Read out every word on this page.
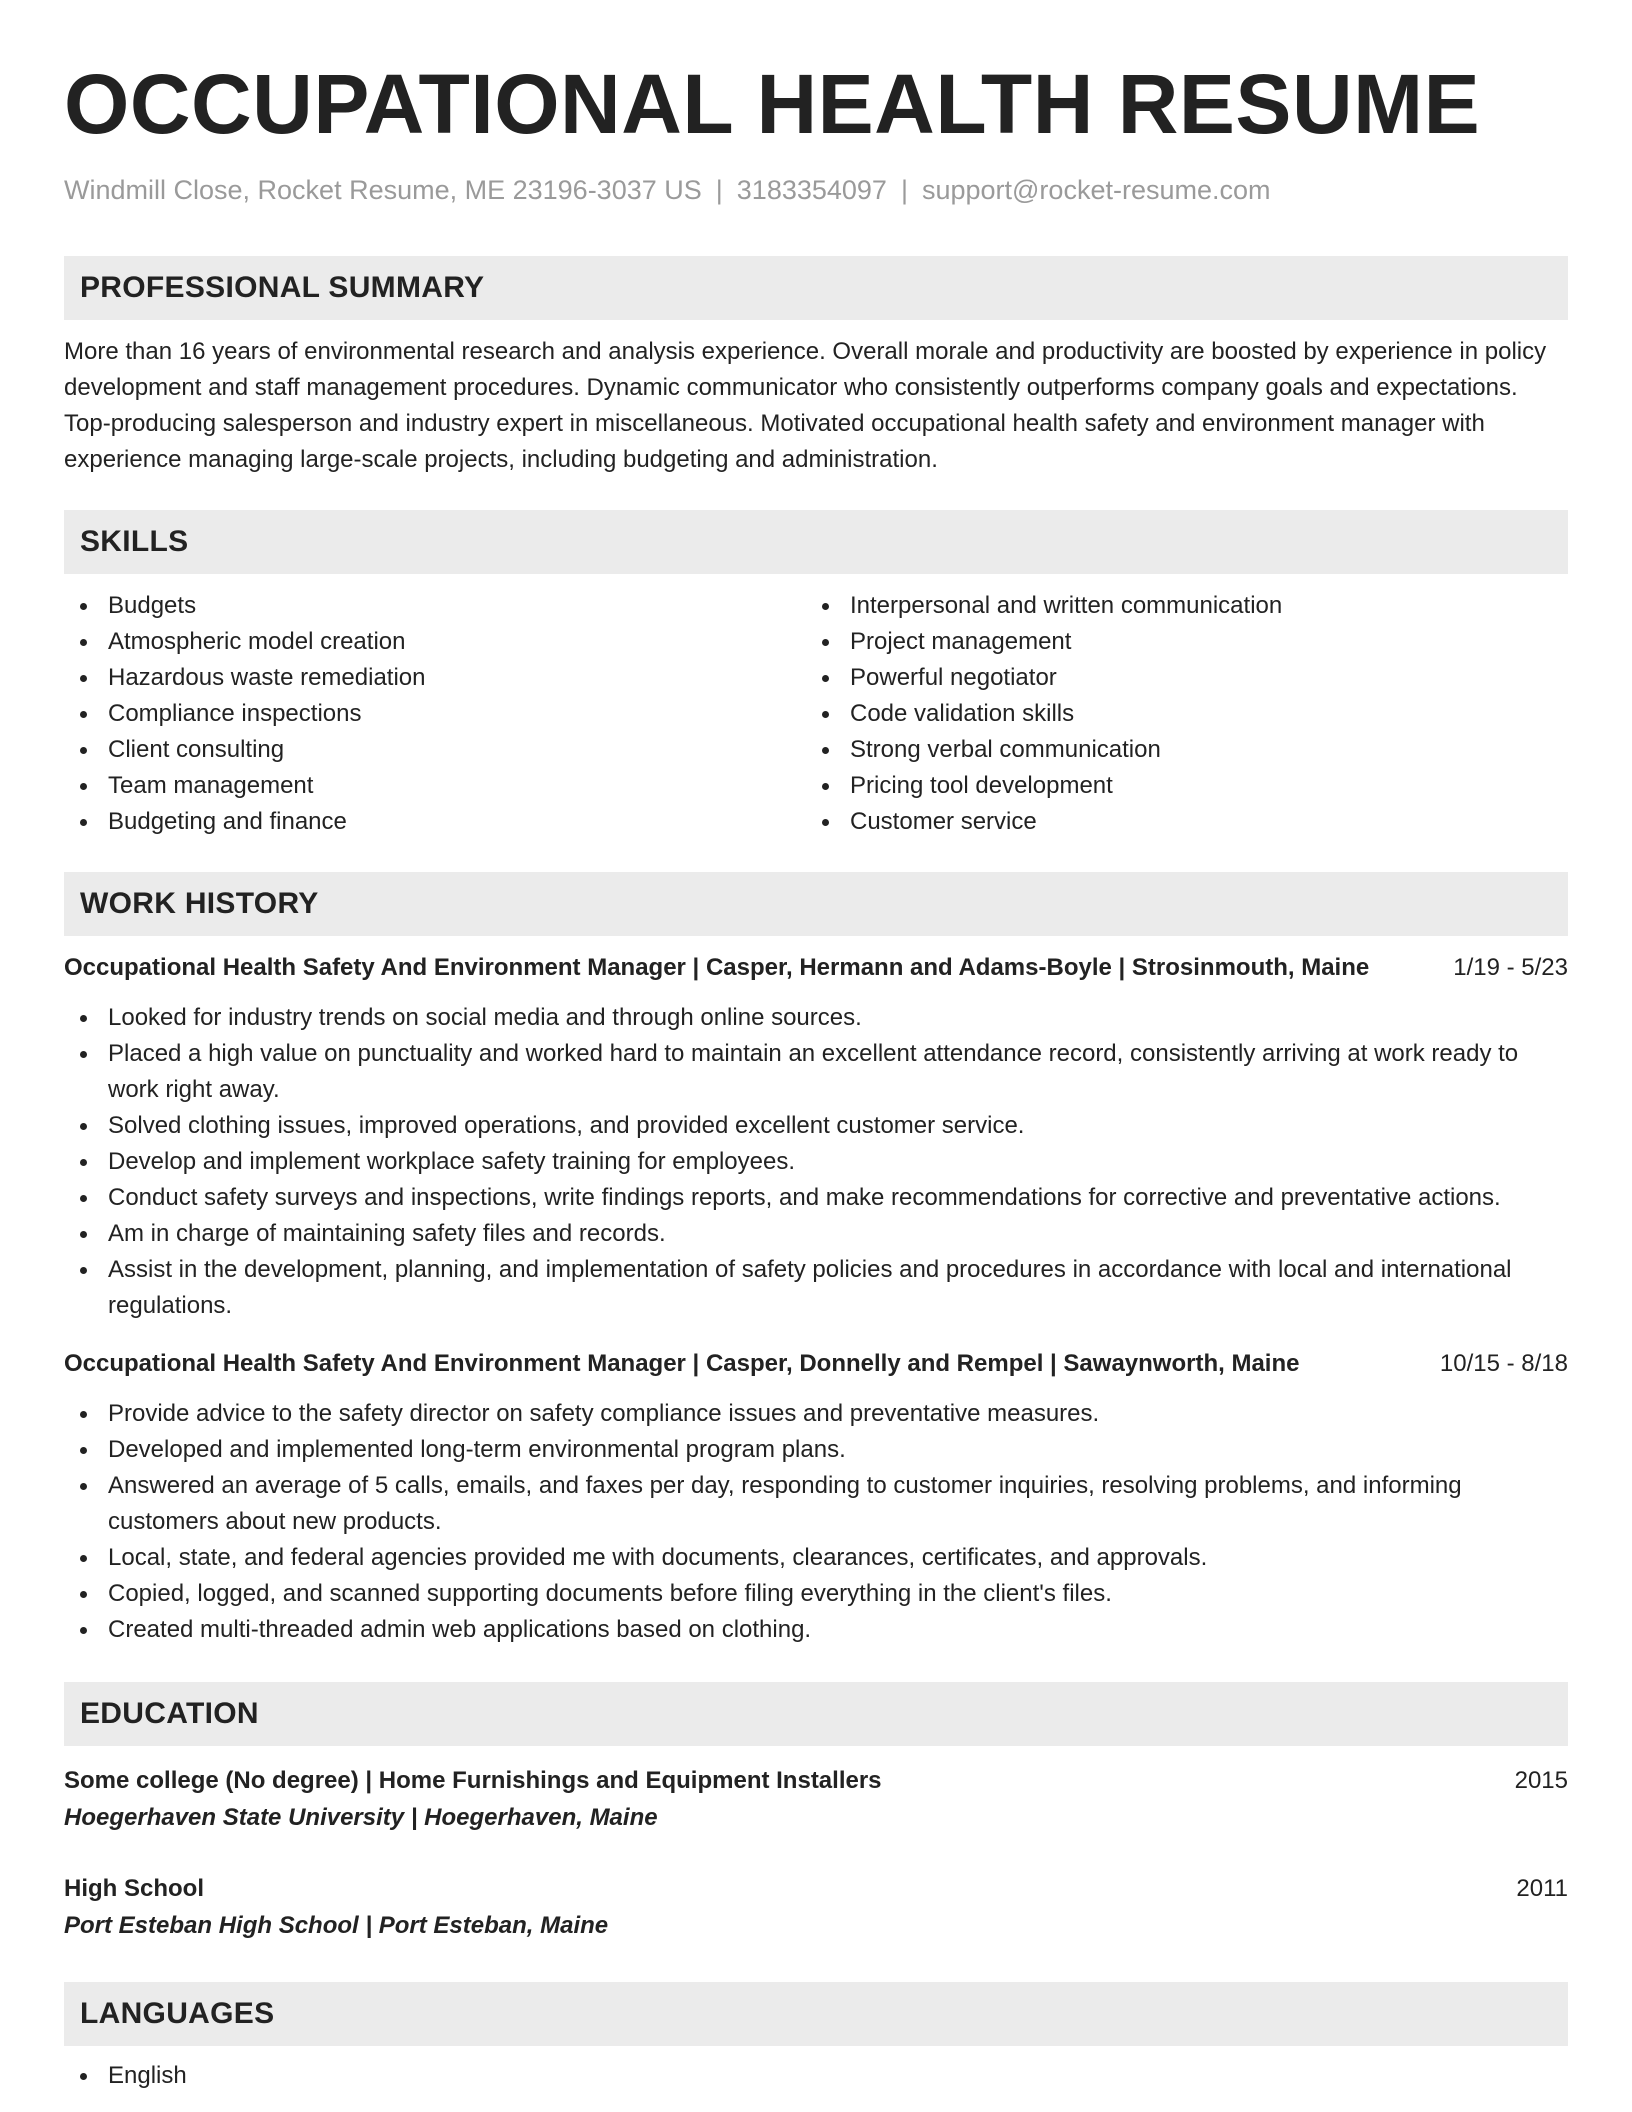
OCCUPATIONAL HEALTH RESUME
Windmill Close, Rocket Resume, ME 23196-3037 US | 3183354097 | support@rocket-resume.com
PROFESSIONAL SUMMARY
More than 16 years of environmental research and analysis experience. Overall morale and productivity are boosted by experience in policy development and staff management procedures. Dynamic communicator who consistently outperforms company goals and expectations. Top-producing salesperson and industry expert in miscellaneous. Motivated occupational health safety and environment manager with experience managing large-scale projects, including budgeting and administration.
SKILLS
Budgets
Atmospheric model creation
Hazardous waste remediation
Compliance inspections
Client consulting
Team management
Budgeting and finance
Interpersonal and written communication
Project management
Powerful negotiator
Code validation skills
Strong verbal communication
Pricing tool development
Customer service
WORK HISTORY
Occupational Health Safety And Environment Manager | Casper, Hermann and Adams-Boyle | Strosinmouth, Maine	1/19 - 5/23
Looked for industry trends on social media and through online sources.
Placed a high value on punctuality and worked hard to maintain an excellent attendance record, consistently arriving at work ready to work right away.
Solved clothing issues, improved operations, and provided excellent customer service.
Develop and implement workplace safety training for employees.
Conduct safety surveys and inspections, write findings reports, and make recommendations for corrective and preventative actions.
Am in charge of maintaining safety files and records.
Assist in the development, planning, and implementation of safety policies and procedures in accordance with local and international regulations.
Occupational Health Safety And Environment Manager | Casper, Donnelly and Rempel | Sawaynworth, Maine	10/15 - 8/18
Provide advice to the safety director on safety compliance issues and preventative measures.
Developed and implemented long-term environmental program plans.
Answered an average of 5 calls, emails, and faxes per day, responding to customer inquiries, resolving problems, and informing customers about new products.
Local, state, and federal agencies provided me with documents, clearances, certificates, and approvals.
Copied, logged, and scanned supporting documents before filing everything in the client's files.
Created multi-threaded admin web applications based on clothing.
EDUCATION
Some college (No degree) | Home Furnishings and Equipment Installers	2015
Hoegerhaven State University | Hoegerhaven, Maine
High School	2011
Port Esteban High School | Port Esteban, Maine
LANGUAGES
English
